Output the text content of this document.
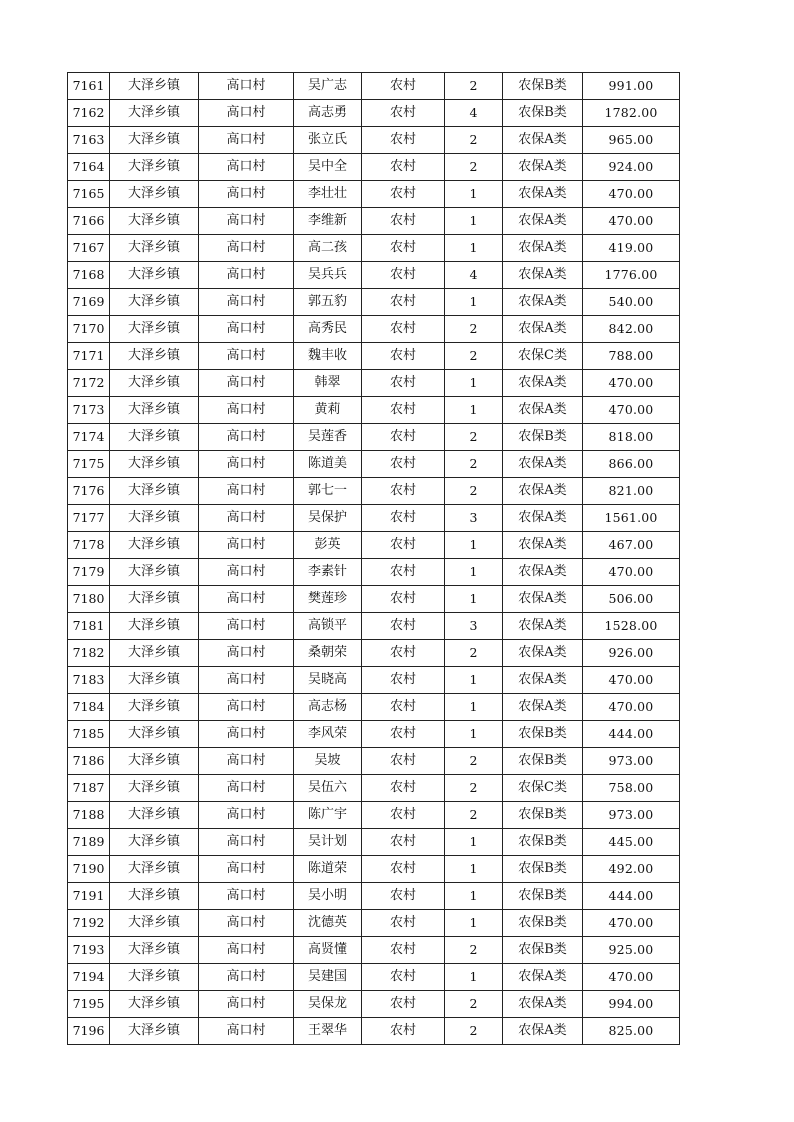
7161	大泽乡镇	高口村	吴广志	农村	2	农保B类	991.00
7162	大泽乡镇	高口村	高志勇	农村	4	农保B类	1782.00
7163	大泽乡镇	高口村	张立氏	农村	2	农保A类	965.00
7164	大泽乡镇	高口村	吴中全	农村	2	农保A类	924.00
7165	大泽乡镇	高口村	李壮壮	农村	1	农保A类	470.00
7166	大泽乡镇	高口村	李维新	农村	1	农保A类	470.00
7167	大泽乡镇	高口村	高二孩	农村	1	农保A类	419.00
7168	大泽乡镇	高口村	吴兵兵	农村	4	农保A类	1776.00
7169	大泽乡镇	高口村	郭五豹	农村	1	农保A类	540.00
7170	大泽乡镇	高口村	高秀民	农村	2	农保A类	842.00
7171	大泽乡镇	高口村	魏丰收	农村	2	农保C类	788.00
7172	大泽乡镇	高口村	韩翠	农村	1	农保A类	470.00
7173	大泽乡镇	高口村	黄莉	农村	1	农保A类	470.00
7174	大泽乡镇	高口村	吴莲香	农村	2	农保B类	818.00
7175	大泽乡镇	高口村	陈道美	农村	2	农保A类	866.00
7176	大泽乡镇	高口村	郭七一	农村	2	农保A类	821.00
7177	大泽乡镇	高口村	吴保护	农村	3	农保A类	1561.00
7178	大泽乡镇	高口村	彭英	农村	1	农保A类	467.00
7179	大泽乡镇	高口村	李素针	农村	1	农保A类	470.00
7180	大泽乡镇	高口村	樊莲珍	农村	1	农保A类	506.00
7181	大泽乡镇	高口村	高锁平	农村	3	农保A类	1528.00
7182	大泽乡镇	高口村	桑朝荣	农村	2	农保A类	926.00
7183	大泽乡镇	高口村	吴晓高	农村	1	农保A类	470.00
7184	大泽乡镇	高口村	高志杨	农村	1	农保A类	470.00
7185	大泽乡镇	高口村	李风荣	农村	1	农保B类	444.00
7186	大泽乡镇	高口村	吴坡	农村	2	农保B类	973.00
7187	大泽乡镇	高口村	吴伍六	农村	2	农保C类	758.00
7188	大泽乡镇	高口村	陈广宇	农村	2	农保B类	973.00
7189	大泽乡镇	高口村	吴计划	农村	1	农保B类	445.00
7190	大泽乡镇	高口村	陈道荣	农村	1	农保B类	492.00
7191	大泽乡镇	高口村	吴小明	农村	1	农保B类	444.00
7192	大泽乡镇	高口村	沈德英	农村	1	农保B类	470.00
7193	大泽乡镇	高口村	高贤懂	农村	2	农保B类	925.00
7194	大泽乡镇	高口村	吴建国	农村	1	农保A类	470.00
7195	大泽乡镇	高口村	吴保龙	农村	2	农保A类	994.00
7196	大泽乡镇	高口村	王翠华	农村	2	农保A类	825.00
